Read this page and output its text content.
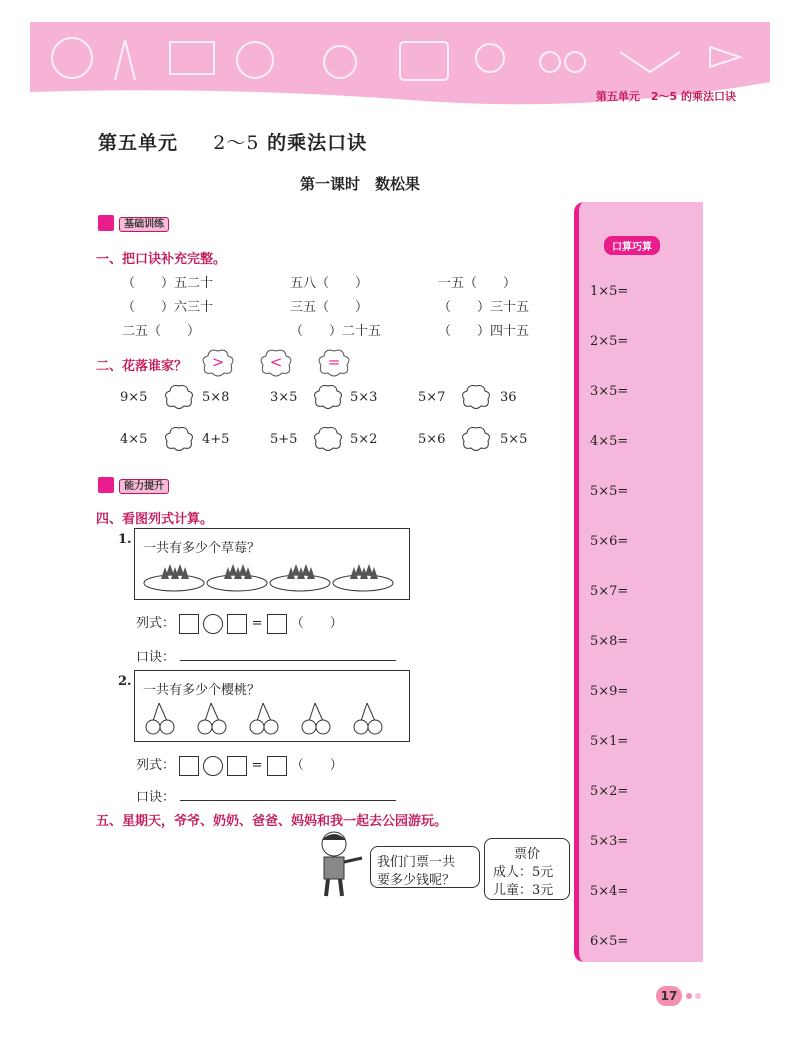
第五单元　2～5 的乘法口诀
第五单元 2～5 的乘法口诀
第一课时　数松果
基础训练
一、把口诀补充完整。
（　　）五二十	五八（　　）	一五（　　）
（　　）六三十	三五（　　）	（　　）三十五
二五（　　）	（　　）二十五	（　　）四十五
二、花落谁家？	>	<	=
9×5	5×8	3×5	5×3	5×7	36
4×5	4+5	5+5	5×2	5×6	5×5
能力提升
四、看图列式计算。
1.
一共有多少个草莓？
列式：	= （　　）
口诀：
2.
一共有多少个樱桃？
列式：	= （　　）
口诀：
五、星期天，爷爷、奶奶、爸爸、妈妈和我一起去公园游玩。
我们门票一共
要多少钱呢？
票价
成人：5元
儿童：3元
口算巧算
1×5=
2×5=
3×5=
4×5=
5×5=
5×6=
5×7=
5×8=
5×9=
5×1=
5×2=
5×3=
5×4=
6×5=
17
